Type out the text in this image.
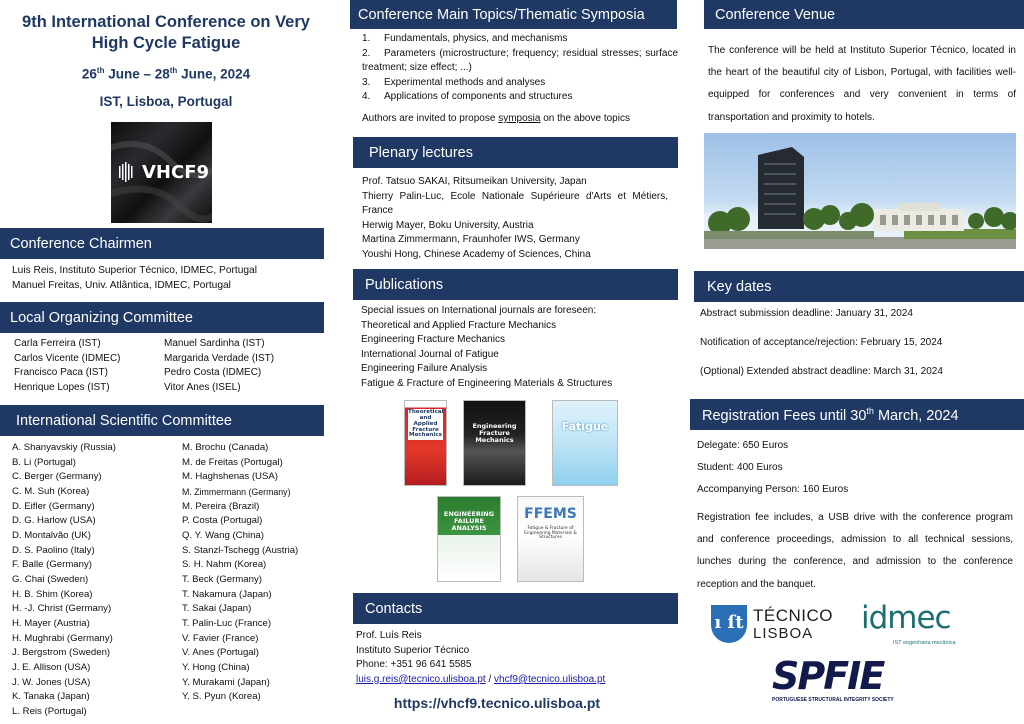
9th International Conference on Very
High Cycle Fatigue
26th June – 28th June, 2024
IST, Lisboa, Portugal
VHCF9
Conference Chairmen
Luis Reis, Instituto Superior Técnico, IDMEC, Portugal
Manuel Freitas, Univ. Atlântica, IDMEC, Portugal
Local Organizing Committee
Carla Ferreira (IST)
Carlos Vicente (IDMEC)
Francisco Paca (IST)
Henrique Lopes (IST)
Manuel Sardinha (IST)
Margarida Verdade (IST)
Pedro Costa (IDMEC)
Vitor Anes (ISEL)
International Scientific Committee
A. Shanyavskiy (Russia)
B. Li (Portugal)
C. Berger (Germany)
C. M. Suh (Korea)
D. Eifler (Germany)
D. G. Harlow (USA)
D. Montalvão (UK)
D. S. Paolino (Italy)
F. Balle (Germany)
G. Chai (Sweden)
H. B. Shim (Korea)
H. -J. Christ (Germany)
H. Mayer (Austria)
H. Mughrabi (Germany)
J. Bergstrom (Sweden)
J. E. Allison (USA)
J. W. Jones (USA)
K. Tanaka (Japan)
L. Reis (Portugal)
M. Brochu (Canada)
M. de Freitas (Portugal)
M. Haghshenas (USA)
M. Zimmermann (Germany)
M. Pereira (Brazil)
P. Costa (Portugal)
Q. Y. Wang (China)
S. Stanzl-Tschegg (Austria)
S. H. Nahm (Korea)
T. Beck (Germany)
T. Nakamura (Japan)
T. Sakai (Japan)
T. Palin-Luc (France)
V. Favier (France)
V. Anes (Portugal)
Y. Hong (China)
Y. Murakami (Japan)
Y. S. Pyun (Korea)
Conference Main Topics/Thematic Symposia
1.	Fundamentals, physics, and mechanisms
2. Parameters (microstructure; frequency; residual stresses; surface treatment; size effect; ...)
3.	Experimental methods and analyses
4.	Applications of components and structures
Authors are invited to propose symposia on the above topics
Plenary lectures
Prof. Tatsuo SAKAI, Ritsumeikan University, Japan
Thierry Palin-Luc, Ecole Nationale Supérieure d'Arts et Métiers, France
Herwig Mayer, Boku University, Austria
Martina Zimmermann, Fraunhofer IWS, Germany
Youshi Hong, Chinese Academy of Sciences, China
Publications
Special issues on International journals are foreseen:
Theoretical and Applied Fracture Mechanics
Engineering Fracture Mechanics
International Journal of Fatigue
Engineering Failure Analysis
Fatigue & Fracture of Engineering Materials & Structures
Theoretical and Applied Fracture Mechanics
Engineering Fracture Mechanics
Fatigue
ENGINEERING FAILURE ANALYSIS
FFEMS
Fatigue & Fracture of Engineering Materials & Structures
Contacts
Prof. Luís Reis
Instituto Superior Técnico
Phone: +351 96 641 5585
luis.g.reis@tecnico.ulisboa.pt / vhcf9@tecnico.ulisboa.pt
https://vhcf9.tecnico.ulisboa.pt
Conference Venue
The conference will be held at Instituto Superior Técnico, located in the heart of the beautiful city of Lisbon, Portugal, with facilities well-equipped for conferences and very convenient in terms of transportation and proximity to hotels.
Key dates
Abstract submission deadline: January 31, 2024
Notification of acceptance/rejection: February 15, 2024
(Optional) Extended abstract deadline: March 31, 2024
Registration Fees until 30th March, 2024
Delegate: 650 Euros
Student: 400 Euros
Accompanying Person: 160 Euros
Registration fee includes, a USB drive with the conference program and conference proceedings, admission to all technical sessions, lunches during the conference, and admission to the conference reception and the banquet.
ı ſt TÉCNICO
LISBOA idmec
IST engenharia mecânica
SPFIE
PORTUGUESE STRUCTURAL INTEGRITY SOCIETY
